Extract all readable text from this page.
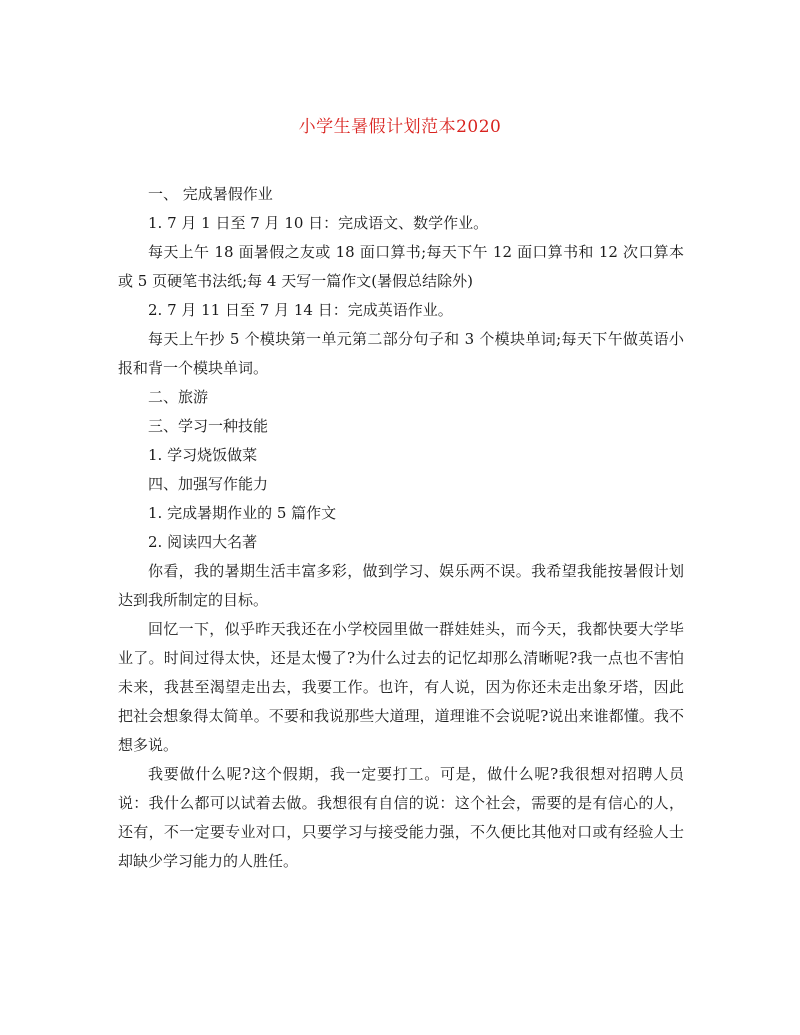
小学生暑假计划范本2020

一、 完成暑假作业

1. 7 月 1 日至 7 月 10 日：完成语文、数学作业。

每天上午 18 面暑假之友或 18 面口算书;每天下午 12 面口算书和 12 次口算本或 5 页硬笔书法纸;每 4 天写一篇作文(暑假总结除外)

2. 7 月 11 日至 7 月 14 日：完成英语作业。

每天上午抄 5 个模块第一单元第二部分句子和 3 个模块单词;每天下午做英语小报和背一个模块单词。

二、旅游

三、学习一种技能

1. 学习烧饭做菜

四、加强写作能力

1. 完成暑期作业的 5 篇作文

2. 阅读四大名著

你看，我的暑期生活丰富多彩，做到学习、娱乐两不误。我希望我能按暑假计划达到我所制定的目标。

回忆一下，似乎昨天我还在小学校园里做一群娃娃头，而今天，我都快要大学毕业了。时间过得太快，还是太慢了?为什么过去的记忆却那么清晰呢?我一点也不害怕未来，我甚至渴望走出去，我要工作。也许，有人说，因为你还未走出象牙塔，因此把社会想象得太简单。不要和我说那些大道理，道理谁不会说呢?说出来谁都懂。我不想多说。

我要做什么呢?这个假期，我一定要打工。可是，做什么呢?我很想对招聘人员说：我什么都可以试着去做。我想很有自信的说：这个社会，需要的是有信心的人，还有，不一定要专业对口，只要学习与接受能力强，不久便比其他对口或有经验人士却缺少学习能力的人胜任。
